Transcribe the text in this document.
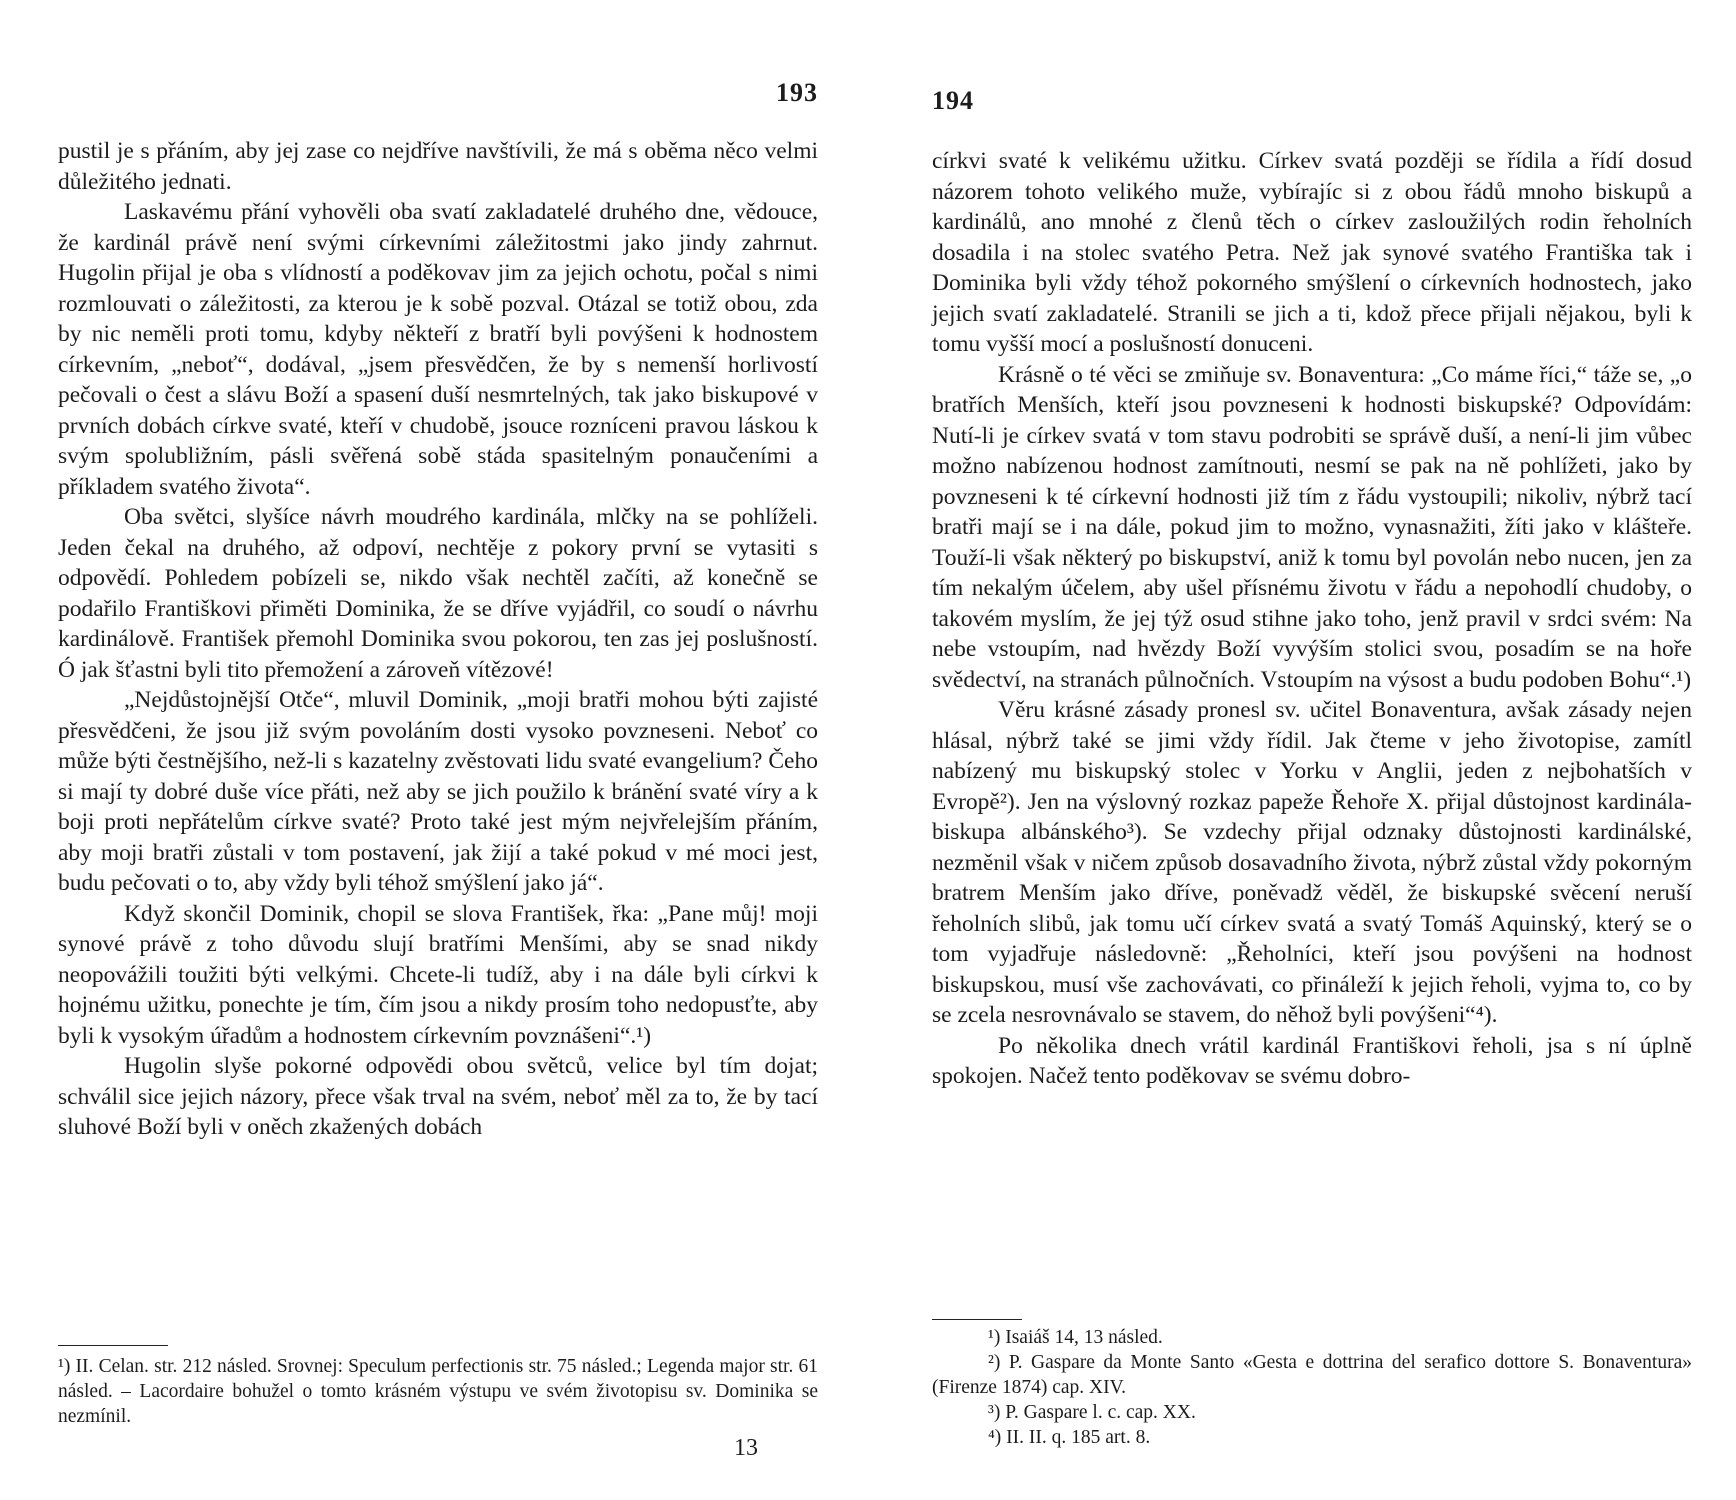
193

pustil je s přáním, aby jej zase co nejdříve navštívili, že má s oběma něco velmi důležitého jednati.

Laskavému přání vyhověli oba svatí zakladatelé druhého dne, vědouce, že kardinál právě není svými církevními záležitostmi jako jindy zahrnut. Hugolin přijal je oba s vlídností a poděkovav jim za jejich ochotu, počal s nimi rozmlouvati o záležitosti, za kterou je k sobě pozval. Otázal se totiž obou, zda by nic neměli proti tomu, kdyby někteří z bratří byli povýšeni k hodnostem církevním, „neboť“, dodával, „jsem přesvědčen, že by s nemenší horlivostí pečovali o čest a slávu Boží a spasení duší nesmrtelných, tak jako biskupové v prvních dobách církve svaté, kteří v chudobě, jsouce rozníceni pravou láskou k svým spolubližním, pásli svěřená sobě stáda spasitelným ponaučeními a příkladem svatého života“.

Oba světci, slyšíce návrh moudrého kardinála, mlčky na se pohlíželi. Jeden čekal na druhého, až odpoví, nechtěje z pokory první se vytasiti s odpovědí. Pohledem pobízeli se, nikdo však nechtěl začíti, až konečně se podařilo Františkovi přiměti Dominika, že se dříve vyjádřil, co soudí o návrhu kardinálově. František přemohl Dominika svou pokorou, ten zas jej poslušností. Ó jak šťastni byli tito přemožení a zároveň vítězové!

„Nejdůstojnější Otče“, mluvil Dominik, „moji bratři mohou býti zajisté přesvědčeni, že jsou již svým povoláním dosti vysoko povzneseni. Neboť co může býti čestnějšího, než-li s kazatelny zvěstovati lidu svaté evangelium? Čeho si mají ty dobré duše více přáti, než aby se jich použilo k bránění svaté víry a k boji proti nepřátelům církve svaté? Proto také jest mým nejvřelejším přáním, aby moji bratři zůstali v tom postavení, jak žijí a také pokud v mé moci jest, budu pečovati o to, aby vždy byli téhož smýšlení jako já“.

Když skončil Dominik, chopil se slova František, řka: „Pane můj! moji synové právě z toho důvodu slují bratřími Menšími, aby se snad nikdy neopovážili toužiti býti velkými. Chcete-li tudíž, aby i na dále byli církvi k hojnému užitku, ponechte je tím, čím jsou a nikdy prosím toho nedopusťte, aby byli k vysokým úřadům a hodnostem církevním povznášeni“.¹)

Hugolin slyše pokorné odpovědi obou světců, velice byl tím dojat; schválil sice jejich názory, přece však trval na svém, neboť měl za to, že by tací sluhové Boží byli v oněch zkažených dobách

¹) II. Celan. str. 212 násled. Srovnej: Speculum perfectionis str. 75 násled.; Legenda major str. 61 násled. – Lacordaire bohužel o tomto krásném výstupu ve svém životopisu sv. Dominika se nezmínil.

13
194

církvi svaté k velikému užitku. Církev svatá později se řídila a řídí dosud názorem tohoto velikého muže, vybírajíc si z obou řádů mnoho biskupů a kardinálů, ano mnohé z členů těch o církev zasloužilých rodin řeholních dosadila i na stolec svatého Petra. Než jak synové svatého Františka tak i Dominika byli vždy téhož pokorného smýšlení o církevních hodnostech, jako jejich svatí zakladatelé. Stranili se jich a ti, kdož přece přijali nějakou, byli k tomu vyšší mocí a poslušností donuceni.

Krásně o té věci se zmiňuje sv. Bonaventura: „Co máme říci,“ táže se, „o bratřích Menších, kteří jsou povzneseni k hodnosti biskupské? Odpovídám: Nutí-li je církev svatá v tom stavu podrobiti se správě duší, a není-li jim vůbec možno nabízenou hodnost zamítnouti, nesmí se pak na ně pohlížeti, jako by povzneseni k té církevní hodnosti již tím z řádu vystoupili; nikoliv, nýbrž tací bratři mají se i na dále, pokud jim to možno, vynasnažiti, žíti jako v klášteře. Touží-li však některý po biskupství, aniž k tomu byl povolán nebo nucen, jen za tím nekalým účelem, aby ušel přísnému životu v řádu a nepohodlí chudoby, o takovém myslím, že jej týž osud stihne jako toho, jenž pravil v srdci svém: Na nebe vstoupím, nad hvězdy Boží vyvýším stolici svou, posadím se na hoře svědectví, na stranách půlnočních. Vstoupím na výsost a budu podoben Bohu“.¹)

Věru krásné zásady pronesl sv. učitel Bonaventura, avšak zásady nejen hlásal, nýbrž také se jimi vždy řídil. Jak čteme v jeho životopise, zamítl nabízený mu biskupský stolec v Yorku v Anglii, jeden z nejbohatších v Evropě²). Jen na výslovný rozkaz papeže Řehoře X. přijal důstojnost kardinála-biskupa albánského³). Se vzdechy přijal odznaky důstojnosti kardinálské, nezměnil však v ničem způsob dosavadního života, nýbrž zůstal vždy pokorným bratrem Menším jako dříve, poněvadž věděl, že biskupské svěcení neruší řeholních slibů, jak tomu učí církev svatá a svatý Tomáš Aquinský, který se o tom vyjadřuje následovně: „Řeholníci, kteří jsou povýšeni na hodnost biskupskou, musí vše zachovávati, co přináleží k jejich řeholi, vyjma to, co by se zcela nesrovnávalo se stavem, do něhož byli povýšeni“⁴).

Po několika dnech vrátil kardinál Františkovi řeholi, jsa s ní úplně spokojen. Načež tento poděkovav se svému dobro-

¹) Isaiáš 14, 13 násled.

²) P. Gaspare da Monte Santo «Gesta e dottrina del serafico dottore S. Bonaventura» (Firenze 1874) cap. XIV.

³) P. Gaspare l. c. cap. XX.

⁴) II. II. q. 185 art. 8.
